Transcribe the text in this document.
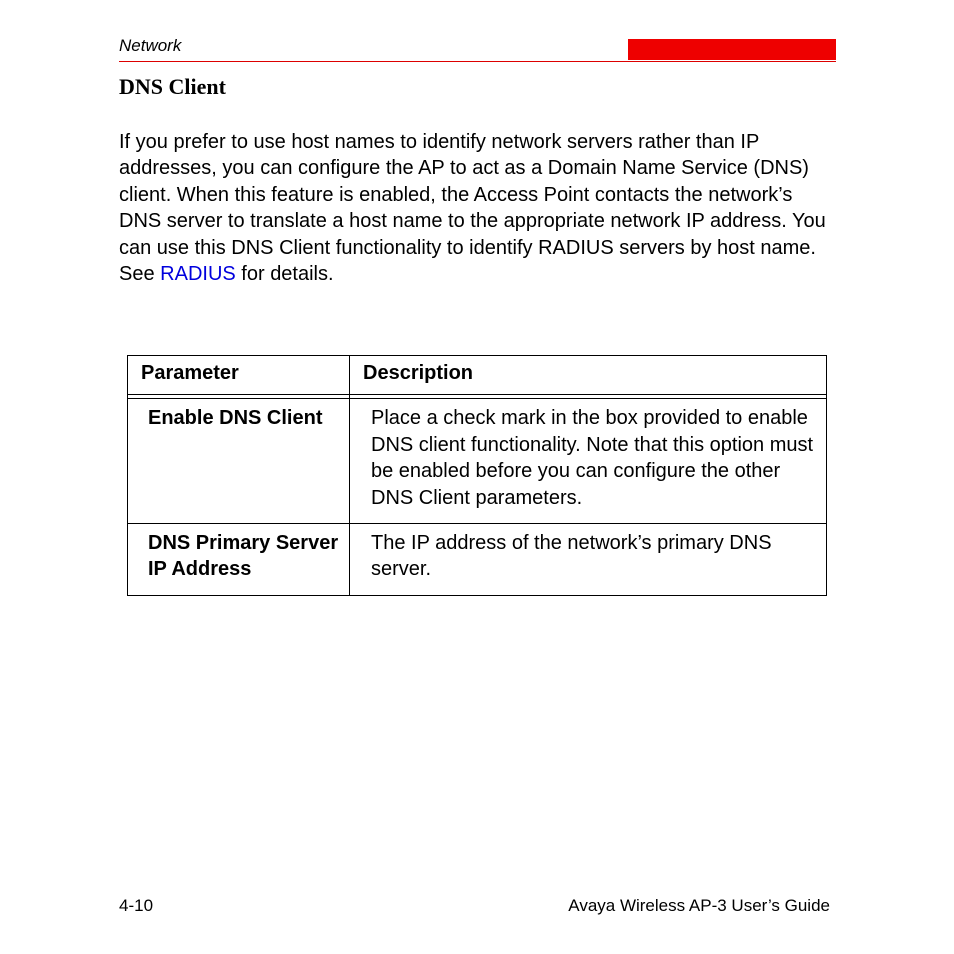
Network
DNS Client

If you prefer to use host names to identify network servers rather than IP addresses, you can configure the AP to act as a Domain Name Service (DNS) client. When this feature is enabled, the Access Point contacts the network’s DNS server to translate a host name to the appropriate network IP address. You can use this DNS Client functionality to identify RADIUS servers by host name. See RADIUS for details.

Parameter	Description

Enable DNS Client	Place a check mark in the box provided to enable DNS client functionality. Note that this option must be enabled before you can configure the other DNS Client parameters.
DNS Primary Server IP Address	The IP address of the network’s primary DNS server.
4-10	Avaya Wireless AP-3 User’s Guide
